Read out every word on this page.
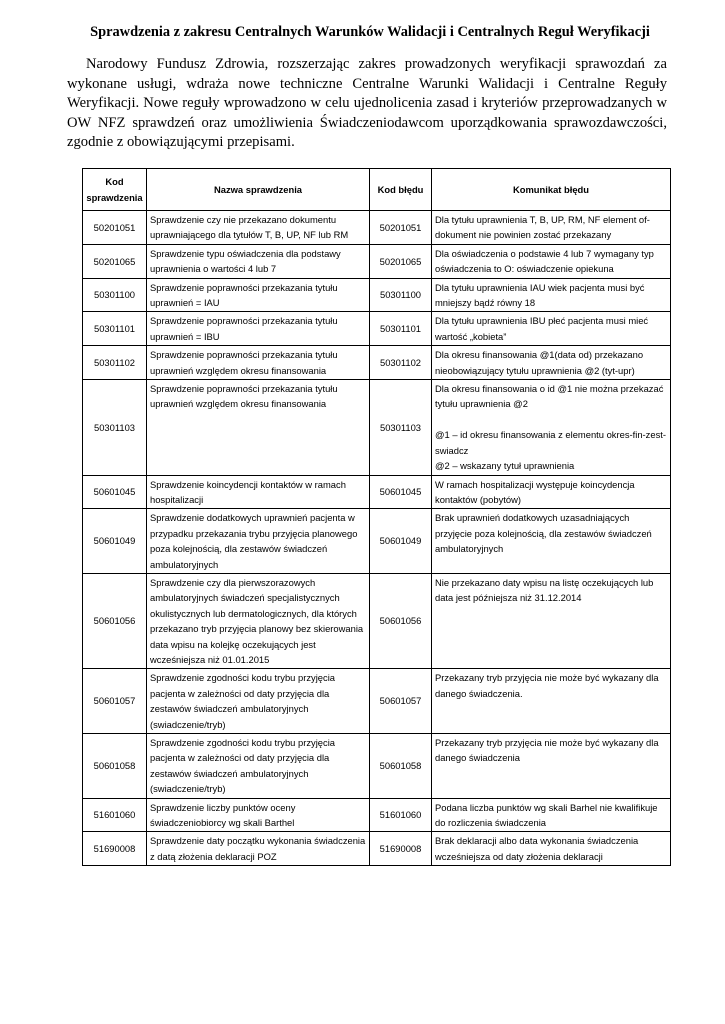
Sprawdzenia z zakresu Centralnych Warunków Walidacji i Centralnych Reguł Weryfikacji

Narodowy Fundusz Zdrowia, rozszerzając zakres prowadzonych weryfikacji sprawozdań za wykonane usługi, wdraża nowe techniczne Centralne Warunki Walidacji i Centralne Reguły Weryfikacji. Nowe reguły wprowadzono w celu ujednolicenia zasad i kryteriów przeprowadzanych w OW NFZ sprawdzeń oraz umożliwienia Świadczeniodawcom uporządkowania sprawozdawczości, zgodnie z obowiązującymi przepisami.

Kod
sprawdzenia	Nazwa sprawdzenia	Kod błędu	Komunikat błędu
50201051	Sprawdzenie czy nie przekazano dokumentu uprawniającego dla tytułów T, B, UP, NF lub RM	50201051	Dla tytułu uprawnienia T, B, UP, RM, NF element of-dokument nie powinien zostać przekazany
50201065	Sprawdzenie typu oświadczenia dla podstawy uprawnienia o wartości 4 lub 7	50201065	Dla oświadczenia o podstawie 4 lub 7 wymagany typ oświadczenia to O: oświadczenie opiekuna
50301100	Sprawdzenie poprawności przekazania tytułu uprawnień = IAU	50301100	Dla tytułu uprawnienia IAU wiek pacjenta musi być mniejszy bądź równy 18
50301101	Sprawdzenie poprawności przekazania tytułu uprawnień = IBU	50301101	Dla tytułu uprawnienia IBU płeć pacjenta musi mieć wartość „kobieta”
50301102	Sprawdzenie poprawności przekazania tytułu uprawnień względem okresu finansowania	50301102	Dla okresu finansowania @1(data od) przekazano nieobowiązujący tytułu uprawnienia @2 (tyt-upr)
50301103	Sprawdzenie poprawności przekazania tytułu uprawnień względem okresu finansowania	50301103	Dla okresu finansowania o id @1 nie można przekazać tytułu uprawnienia @2

@1 – id okresu finansowania z elementu okres-fin-zest-swiadcz
@2 – wskazany tytuł uprawnienia
50601045	Sprawdzenie koincydencji kontaktów w ramach hospitalizacji	50601045	W ramach hospitalizacji występuje koincydencja kontaktów (pobytów)
50601049	Sprawdzenie dodatkowych uprawnień pacjenta w przypadku przekazania trybu przyjęcia planowego poza kolejnością, dla zestawów świadczeń ambulatoryjnych	50601049	Brak uprawnień dodatkowych uzasadniających przyjęcie poza kolejnością, dla zestawów świadczeń ambulatoryjnych
50601056	Sprawdzenie czy dla pierwszorazowych ambulatoryjnych świadczeń specjalistycznych okulistycznych lub dermatologicznych, dla których przekazano tryb przyjęcia planowy bez skierowania data wpisu na kolejkę oczekujących jest wcześniejsza niż 01.01.2015	50601056	Nie przekazano daty wpisu na listę oczekujących lub data jest późniejsza niż 31.12.2014
50601057	Sprawdzenie zgodności kodu trybu przyjęcia pacjenta w zależności od daty przyjęcia dla zestawów świadczeń ambulatoryjnych (swiadczenie/tryb)	50601057	Przekazany tryb przyjęcia nie może być wykazany dla danego świadczenia.
50601058	Sprawdzenie zgodności kodu trybu przyjęcia pacjenta w zależności od daty przyjęcia dla zestawów świadczeń ambulatoryjnych (swiadczenie/tryb)	50601058	Przekazany tryb przyjęcia nie może być wykazany dla danego świadczenia
51601060	Sprawdzenie liczby punktów oceny świadczeniobiorcy wg skali Barthel	51601060	Podana liczba punktów wg skali Barhel nie kwalifikuje do rozliczenia świadczenia
51690008	Sprawdzenie daty początku wykonania świadczenia z datą złożenia deklaracji POZ	51690008	Brak deklaracji albo data wykonania świadczenia wcześniejsza od daty złożenia deklaracji
